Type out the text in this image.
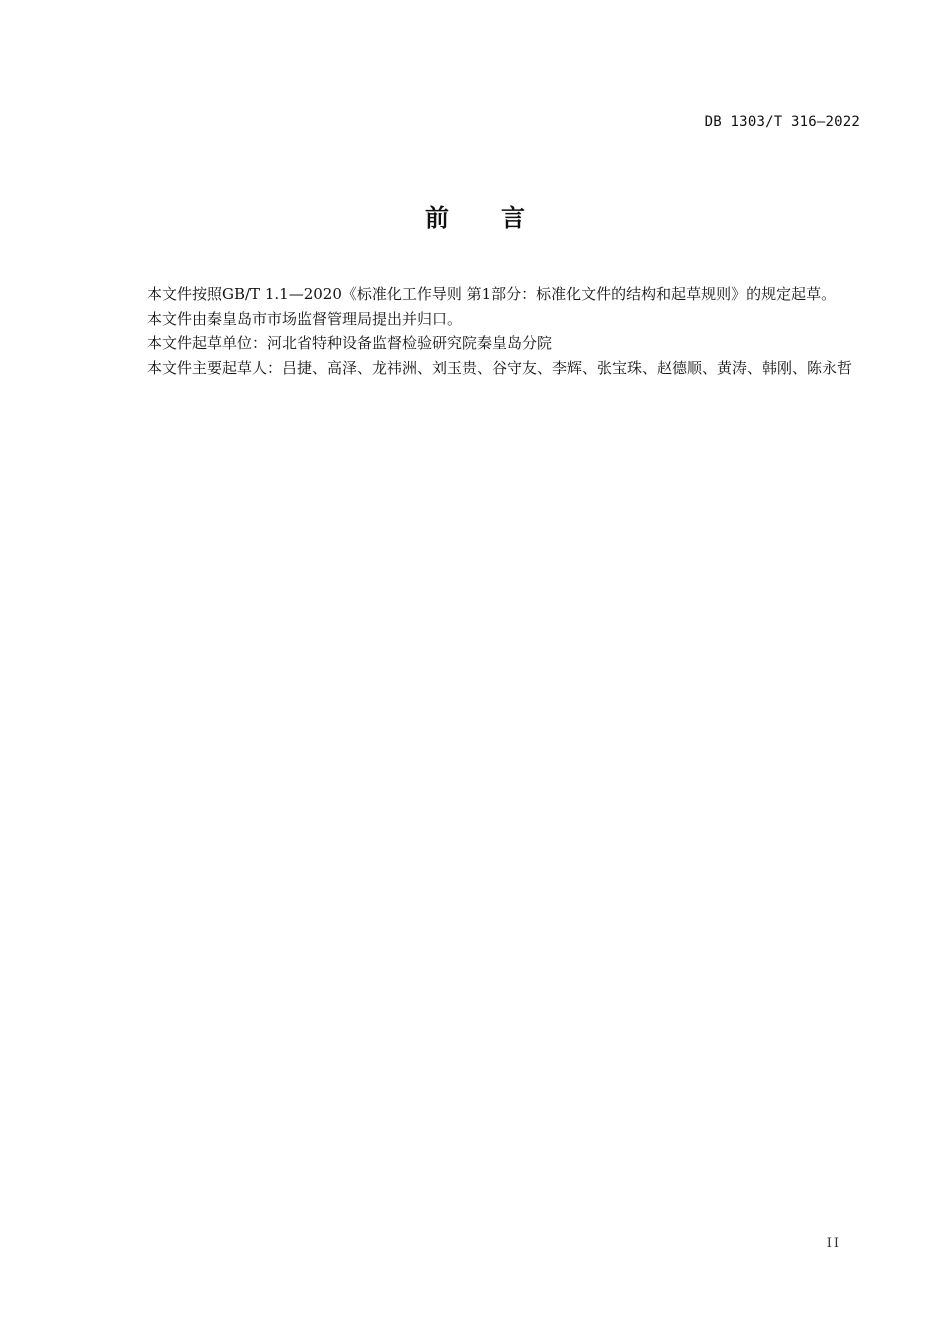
DB 1303/T 316—2022
前言

本文件按照GB/T 1.1—2020《标准化工作导则 第1部分：标准化文件的结构和起草规则》的规定起草。

本文件由秦皇岛市市场监督管理局提出并归口。

本文件起草单位：河北省特种设备监督检验研究院秦皇岛分院

本文件主要起草人：吕捷、高泽、龙祎洲、刘玉贵、谷守友、李辉、张宝珠、赵德顺、黄涛、韩刚、陈永哲

II
